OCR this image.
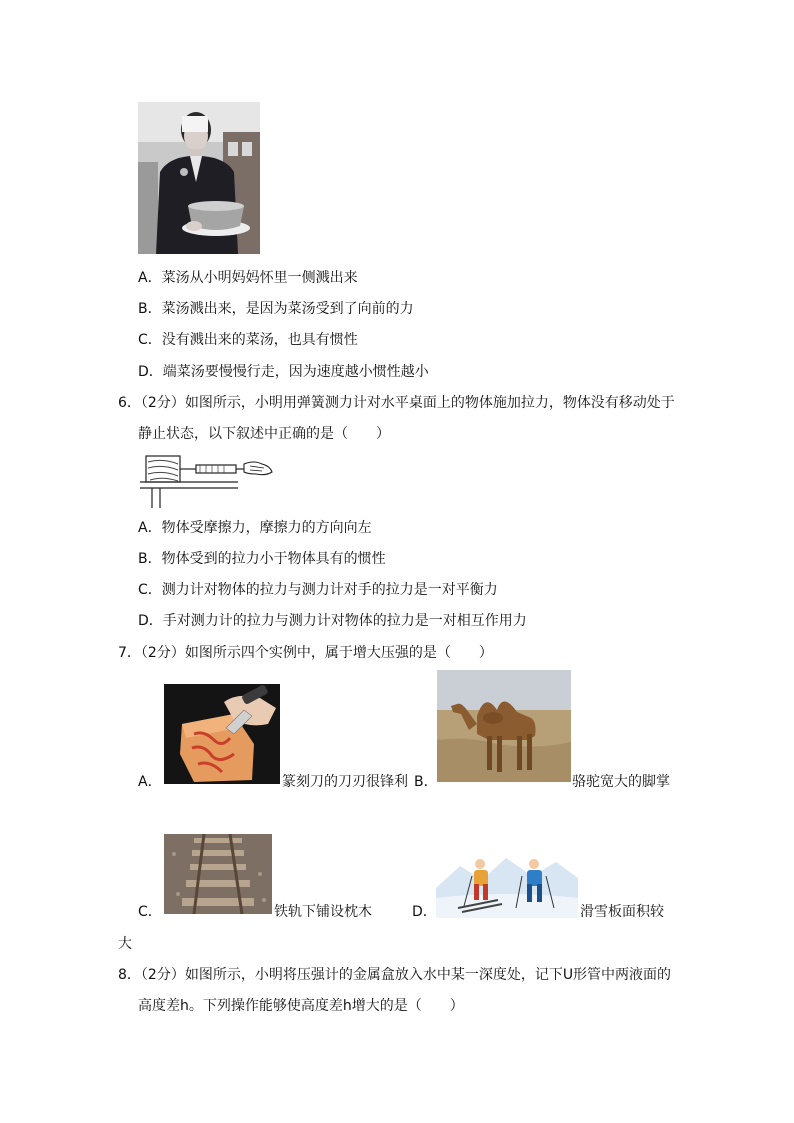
A．菜汤从小明妈妈怀里一侧溅出来
B．菜汤溅出来，是因为菜汤受到了向前的力
C．没有溅出来的菜汤，也具有惯性
D．端菜汤要慢慢行走，因为速度越小惯性越小
6．（2分）如图所示，小明用弹簧测力计对水平桌面上的物体施加拉力，物体没有移动处于
静止状态，以下叙述中正确的是（　　）
A．物体受摩擦力，摩擦力的方向向左
B．物体受到的拉力小于物体具有的惯性
C．测力计对物体的拉力与测力计对手的拉力是一对平衡力
D．手对测力计的拉力与测力计对物体的拉力是一对相互作用力
7．（2分）如图所示四个实例中，属于增大压强的是（　　）
A．	篆刻刀的刀刃很锋利 B．	骆驼宽大的脚掌
C．	铁轨下铺设枕木	D．	滑雪板面积较
大
8．（2分）如图所示，小明将压强计的金属盒放入水中某一深度处，记下U形管中两液面的
高度差h。下列操作能够使高度差h增大的是（　　）
